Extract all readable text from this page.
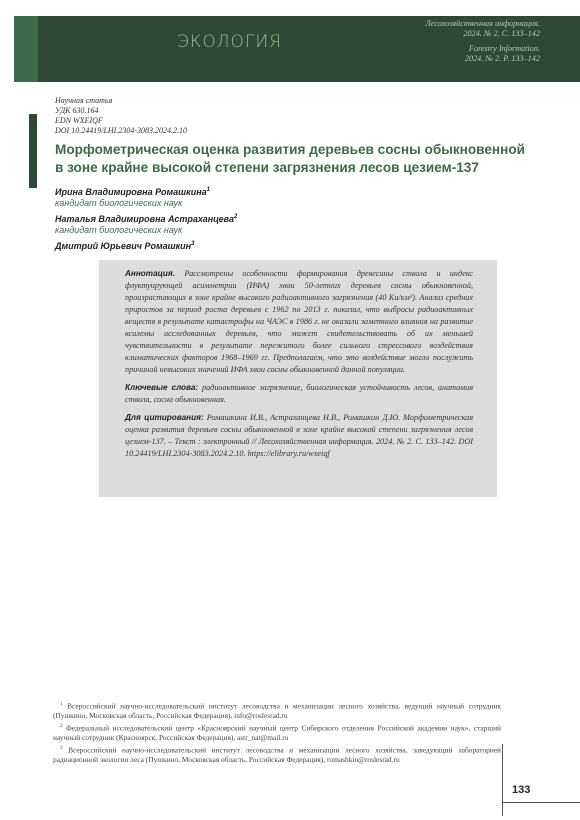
ЭКОЛОГИЯ
Лесохозяйственная информация.
2024. № 2. С. 133–142
Forestry Information.
2024. № 2. P. 133–142
Научная статья
УДК 630.164
EDN WXEIQF
DOI 10.24419/LHI.2304-3083.2024.2.10
Морфометрическая оценка развития деревьев сосны обыкновенной в зоне крайне высокой степени загрязнения лесов цезием-137
Ирина Владимировна Ромашкина$^1$
кандидат биологических наук
Наталья Владимировна Астраханцева$^2$
кандидат биологических наук
Дмитрий Юрьевич Ромашкин$^3$

Аннотация. Рассмотрены особенности формирования древесины ствола и индекс флуктуирующей асимметрии (ИФА) хвои 50-летних деревьев сосны обыкновенной, произрастающих в зоне крайне высокого радиоактивного загрязнения (40 Ки/км²). Анализ средних приростов за период роста деревьев с 1962 по 2013 г. показал, что выбросы радиоактивных веществ в результате катастрофы на ЧАЭС в 1986 г. не оказали заметного влияния на развитие ксилемы исследованных деревьев, что может свидетельствовать об их меньшей чувствительности в результате пережитого более сильного стрессового воздействия климатических факторов 1968–1969 гг. Предполагаем, что это воздействие могло послужить причиной невысоких значений ИФА хвои сосны обыкновенной данной популяции.

Ключевые слова: радиоактивное загрязнение, биологическая устойчивость лесов, анатомия ствола, сосна обыкновенная.

Для цитирования: Ромашкина И.В., Астраханцева Н.В., Ромашкин Д.Ю. Морфометрическая оценка развития деревьев сосны обыкновенной в зоне крайне высокой степени загрязнения лесов цезием-137. – Текст : электронный // Лесохозяйственная информация. 2024. № 2. С. 133–142. DOI 10.24419/LHI.2304-3083.2024.2.10. https://elibrary.ru/wxeiqf

$^1$ Всероссийский научно-исследовательский институт лесоводства и механизации лесного хозяйства, ведущий научный сотрудник (Пушкино, Московская область, Российская Федерация), info@roslesrad.ru

$^2$ Федеральный исследовательский центр «Красноярский научный центр Сибирского отделения Российской академии наук», старший научный сотрудник (Красноярск, Российская Федерация), astr_nat@mail.ru

$^3$ Всероссийский научно-исследовательский институт лесоводства и механизации лесного хозяйства, заведующий лабораторией радиационной экологии леса (Пушкино, Московская область, Российская Федерация), romashkin@roslesrad.ru

133
